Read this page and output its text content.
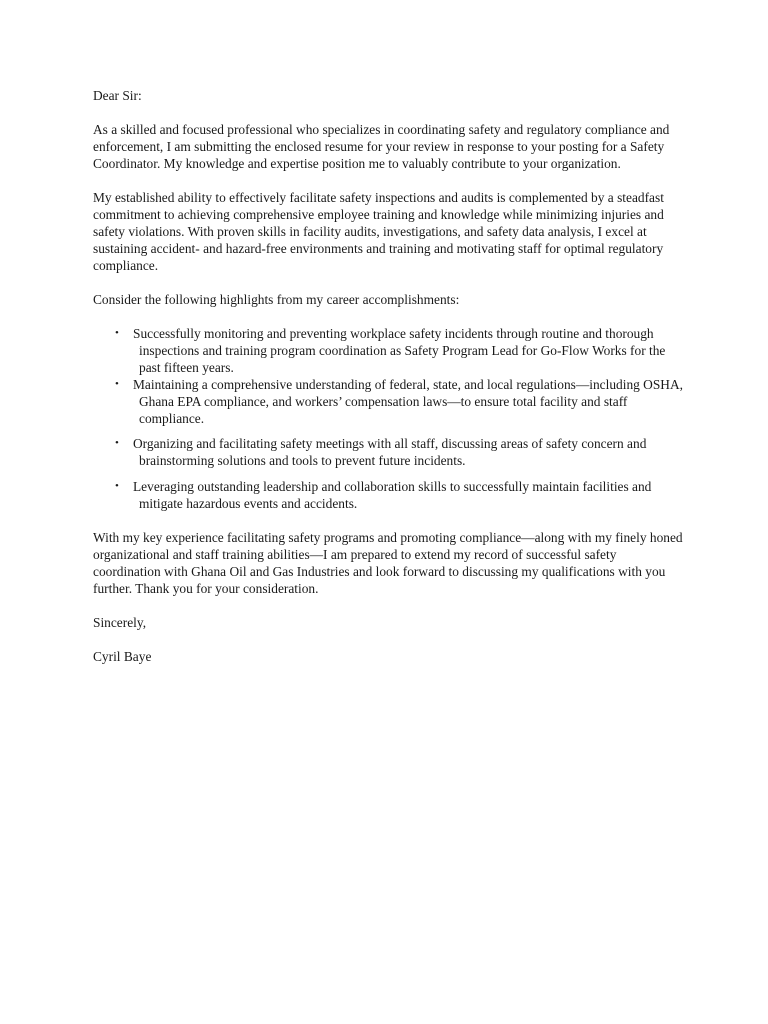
Dear Sir:

As a skilled and focused professional who specializes in coordinating safety and regulatory compliance and enforcement, I am submitting the enclosed resume for your review in response to your posting for a Safety Coordinator. My knowledge and expertise position me to valuably contribute to your organization.

My established ability to effectively facilitate safety inspections and audits is complemented by a steadfast commitment to achieving comprehensive employee training and knowledge while minimizing injuries and safety violations. With proven skills in facility audits, investigations, and safety data analysis, I excel at sustaining accident- and hazard-free environments and training and motivating staff for optimal regulatory compliance.

Consider the following highlights from my career accomplishments:

• Successfully monitoring and preventing workplace safety incidents through routine and thorough inspections and training program coordination as Safety Program Lead for Go-Flow Works for the past fifteen years.
• Maintaining a comprehensive understanding of federal, state, and local regulations—including OSHA, Ghana EPA compliance, and workers’ compensation laws—to ensure total facility and staff compliance.
• Organizing and facilitating safety meetings with all staff, discussing areas of safety concern and brainstorming solutions and tools to prevent future incidents.
• Leveraging outstanding leadership and collaboration skills to successfully maintain facilities and mitigate hazardous events and accidents.

With my key experience facilitating safety programs and promoting compliance—along with my finely honed organizational and staff training abilities—I am prepared to extend my record of successful safety coordination with Ghana Oil and Gas Industries and look forward to discussing my qualifications with you further. Thank you for your consideration.

Sincerely,

Cyril Baye
